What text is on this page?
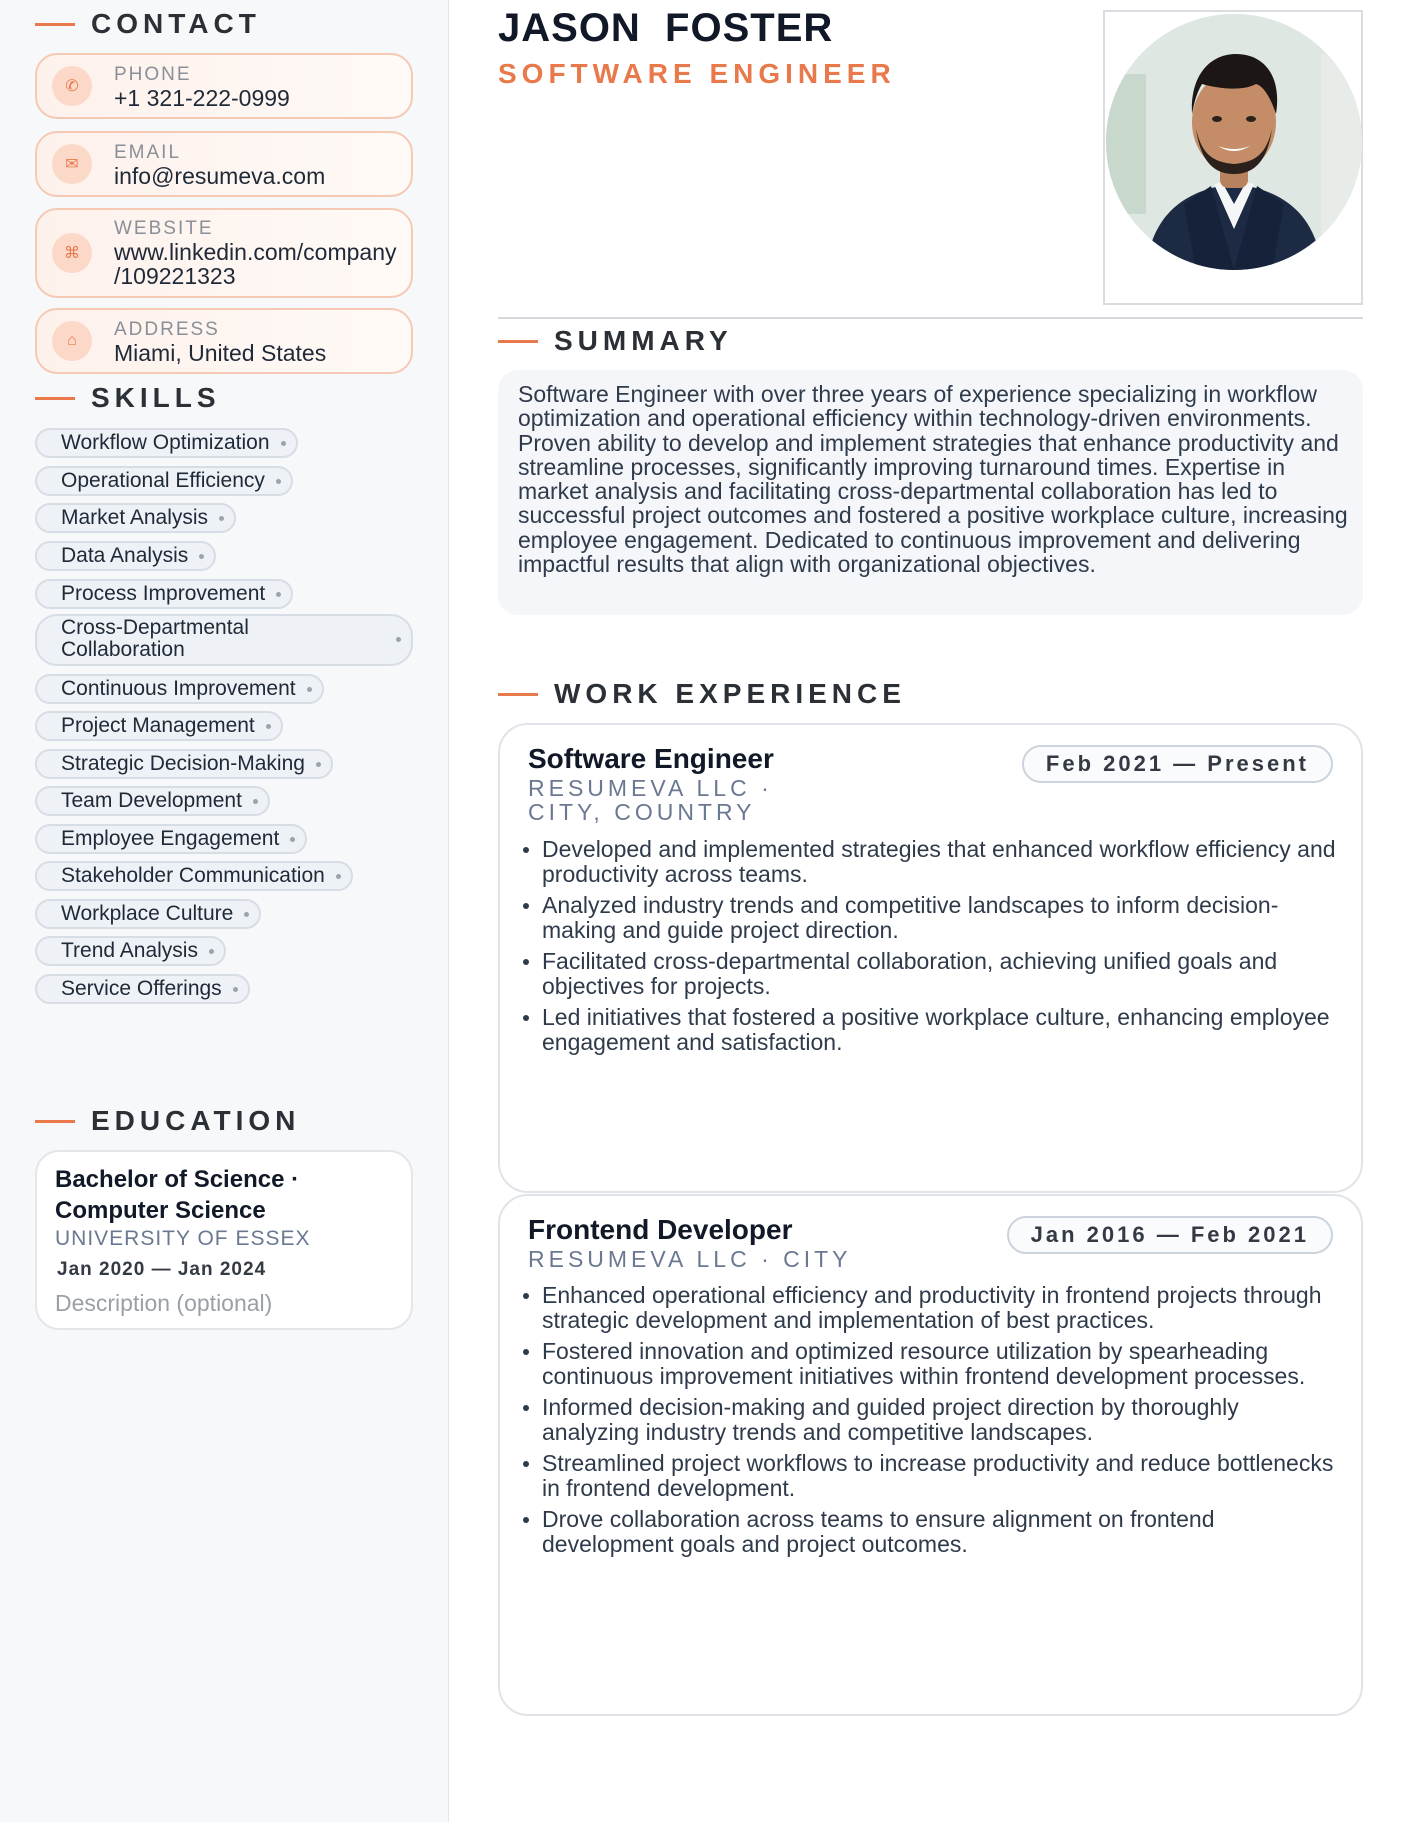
CONTACT
✆
PHONE
+1 321-222-0999
✉
EMAIL
info@resumeva.com
⌘
WEBSITE
www.linkedin.com/company
/109221323
⌂
ADDRESS
Miami, United States
SKILLS
Workflow Optimization
Operational Efficiency
Market Analysis
Data Analysis
Process Improvement
Cross-Departmental
Collaboration
Continuous Improvement
Project Management
Strategic Decision-Making
Team Development
Employee Engagement
Stakeholder Communication
Workplace Culture
Trend Analysis
Service Offerings
EDUCATION
Bachelor of Science · Computer Science
UNIVERSITY OF ESSEX
Jan 2020 — Jan 2024
Description (optional)
JASON  FOSTER
SOFTWARE ENGINEER
SUMMARY
Software Engineer with over three years of experience specializing in workflow optimization and operational efficiency within technology-driven environments. Proven ability to develop and implement strategies that enhance productivity and streamline processes, significantly improving turnaround times. Expertise in market analysis and facilitating cross-departmental collaboration has led to successful project outcomes and fostered a positive workplace culture, increasing employee engagement. Dedicated to continuous improvement and delivering impactful results that align with organizational objectives.
WORK EXPERIENCE
Software Engineer
RESUMEVA LLC ·
CITY, COUNTRY
Feb 2021 — Present
Developed and implemented strategies that enhanced workflow efficiency and productivity across teams.
Analyzed industry trends and competitive landscapes to inform decision-making and guide project direction.
Facilitated cross-departmental collaboration, achieving unified goals and objectives for projects.
Led initiatives that fostered a positive workplace culture, enhancing employee engagement and satisfaction.
Frontend Developer
RESUMEVA LLC · CITY
Jan 2016 — Feb 2021
Enhanced operational efficiency and productivity in frontend projects through strategic development and implementation of best practices.
Fostered innovation and optimized resource utilization by spearheading continuous improvement initiatives within frontend development processes.
Informed decision-making and guided project direction by thoroughly analyzing industry trends and competitive landscapes.
Streamlined project workflows to increase productivity and reduce bottlenecks in frontend development.
Drove collaboration across teams to ensure alignment on frontend development goals and project outcomes.
